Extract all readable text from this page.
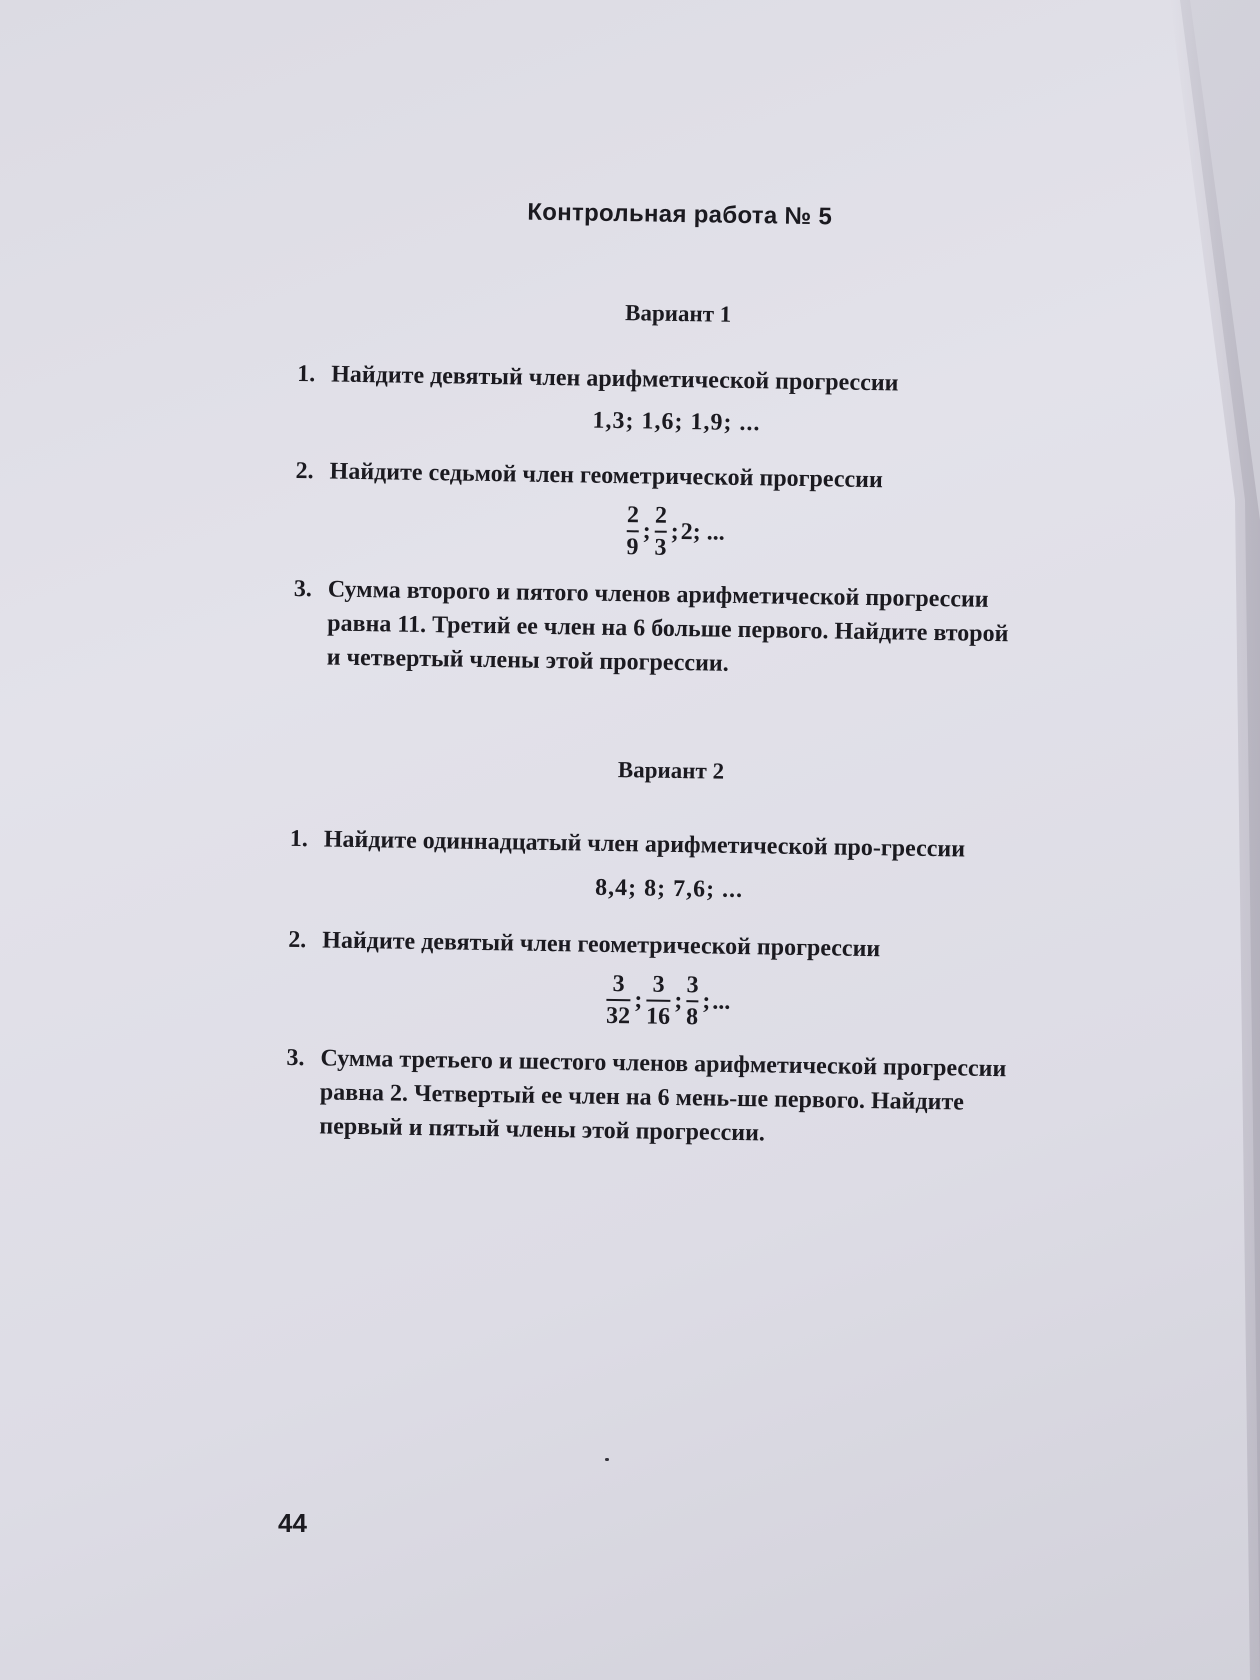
Контрольная работа № 5
Вариант 1
1. Найдите девятый член арифметической прогрессии
1,3; 1,6; 1,9; ...
2. Найдите седьмой член геометрической прогрессии
$\frac{2}{9}$ ; $\frac{2}{3}$ ; 2; ...
3. Сумма второго и пятого членов арифметической прогрессии равна 11. Третий ее член на 6 больше первого. Найдите второй и четвертый члены этой прогрессии.
Вариант 2
1. Найдите одиннадцатый член арифметической про-грессии
8,4; 8; 7,6; ...
2. Найдите девятый член геометрической прогрессии
$\frac{3}{32}$ ; $\frac{3}{16}$ ; $\frac{3}{8}$ ; ...
3. Сумма третьего и шестого членов арифметической прогрессии равна 2. Четвертый ее член на 6 мень-ше первого. Найдите первый и пятый члены этой прогрессии.
44
